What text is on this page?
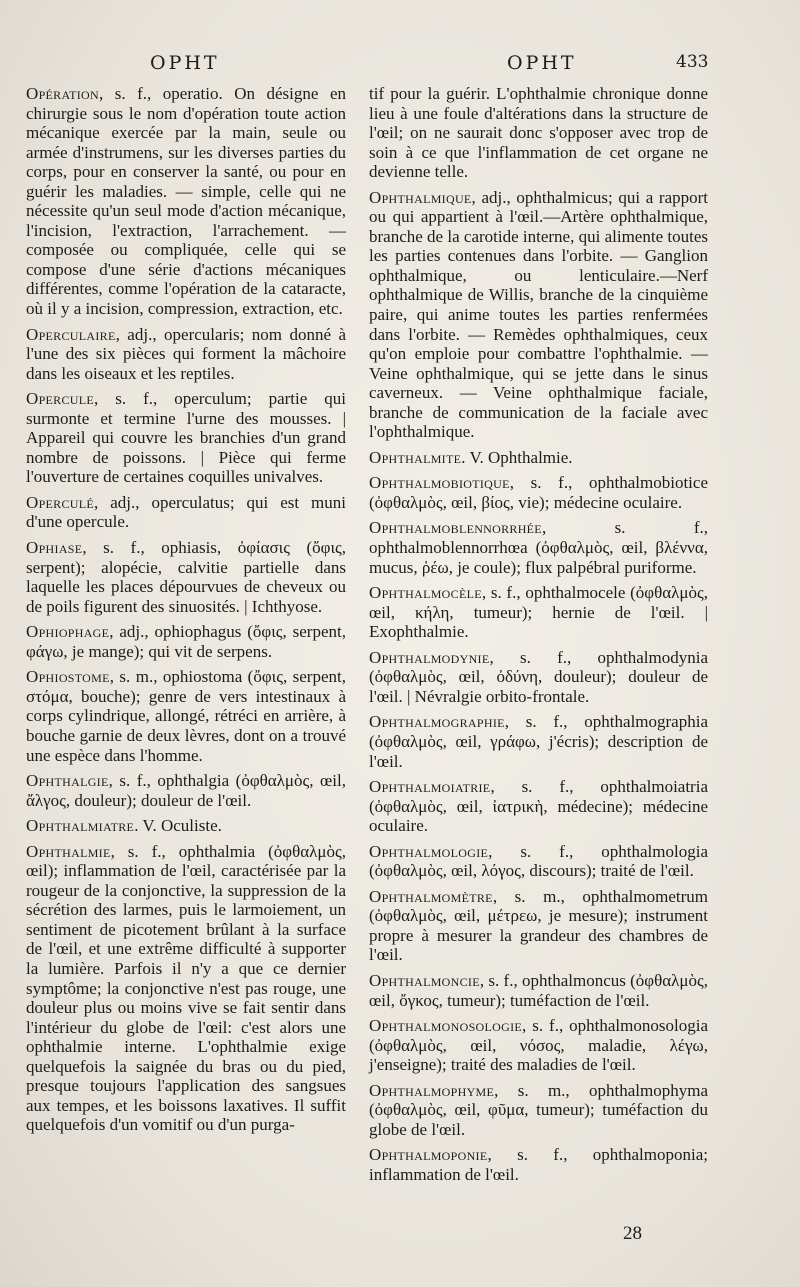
OPHT	OPHT	433

Opération, s. f., operatio. On désigne en chirurgie sous le nom d'opération toute action mécanique exercée par la main, seule ou armée d'instrumens, sur les diverses parties du corps, pour en conserver la santé, ou pour en guérir les maladies. — simple, celle qui ne nécessite qu'un seul mode d'action mécanique, l'incision, l'extraction, l'arrachement. —composée ou compliquée, celle qui se compose d'une série d'actions mécaniques différentes, comme l'opération de la cataracte, où il y a incision, compression, extraction, etc.

Operculaire, adj., opercularis; nom donné à l'une des six pièces qui forment la mâchoire dans les oiseaux et les reptiles.

Opercule, s. f., operculum; partie qui surmonte et termine l'urne des mousses. | Appareil qui couvre les branchies d'un grand nombre de poissons. | Pièce qui ferme l'ouverture de certaines coquilles univalves.

Operculé, adj., operculatus; qui est muni d'une opercule.

Ophiase, s. f., ophiasis, ὀφίασις (ὄφις, serpent); alopécie, calvitie partielle dans laquelle les places dépourvues de cheveux ou de poils figurent des sinuosités. | Ichthyose.

Ophiophage, adj., ophiophagus (ὄφις, serpent, φάγω, je mange); qui vit de serpens.

Ophiostome, s. m., ophiostoma (ὄφις, serpent, στόμα, bouche); genre de vers intestinaux à corps cylindrique, allongé, rétréci en arrière, à bouche garnie de deux lèvres, dont on a trouvé une espèce dans l'homme.

Ophthalgie, s. f., ophthalgia (ὀφθαλμὸς, œil, ἄλγος, douleur); douleur de l'œil.

Ophthalmiatre. V. Oculiste.

Ophthalmie, s. f., ophthalmia (ὀφθαλμὸς, œil); inflammation de l'œil, caractérisée par la rougeur de la conjonctive, la suppression de la sécrétion des larmes, puis le larmoiement, un sentiment de picotement brûlant à la surface de l'œil, et une extrême difficulté à supporter la lumière. Parfois il n'y a que ce dernier symptôme; la conjonctive n'est pas rouge, une douleur plus ou moins vive se fait sentir dans l'intérieur du globe de l'œil: c'est alors une ophthalmie interne. L'ophthalmie exige quelquefois la saignée du bras ou du pied, presque toujours l'application des sangsues aux tempes, et les boissons laxatives. Il suffit quelquefois d'un vomitif ou d'un purga-

tif pour la guérir. L'ophthalmie chronique donne lieu à une foule d'altérations dans la structure de l'œil; on ne saurait donc s'opposer avec trop de soin à ce que l'inflammation de cet organe ne devienne telle.

Ophthalmique, adj., ophthalmicus; qui a rapport ou qui appartient à l'œil.—Artère ophthalmique, branche de la carotide interne, qui alimente toutes les parties contenues dans l'orbite. — Ganglion ophthalmique, ou lenticulaire.—Nerf ophthalmique de Willis, branche de la cinquième paire, qui anime toutes les parties renfermées dans l'orbite. — Remèdes ophthalmiques, ceux qu'on emploie pour combattre l'ophthalmie. — Veine ophthalmique, qui se jette dans le sinus caverneux. — Veine ophthalmique faciale, branche de communication de la faciale avec l'ophthalmique.

Ophthalmite. V. Ophthalmie.

Ophthalmobiotique, s. f., ophthalmobiotice (ὀφθαλμὸς, œil, βίος, vie); médecine oculaire.

Ophthalmoblennorrhée, s. f., ophthalmoblennorrhœa (ὀφθαλμὸς, œil, βλέννα, mucus, ῥέω, je coule); flux palpébral puriforme.

Ophthalmocèle, s. f., ophthalmocele (ὀφθαλμὸς, œil, κήλη, tumeur); hernie de l'œil. | Exophthalmie.

Ophthalmodynie, s. f., ophthalmodynia (ὀφθαλμὸς, œil, ὀδύνη, douleur); douleur de l'œil. | Névralgie orbito-frontale.

Ophthalmographie, s. f., ophthalmographia (ὀφθαλμὸς, œil, γράφω, j'écris); description de l'œil.

Ophthalmoiatrie, s. f., ophthalmoiatria (ὀφθαλμὸς, œil, ἰατρικὴ, médecine); médecine oculaire.

Ophthalmologie, s. f., ophthalmologia (ὀφθαλμὸς, œil, λόγος, discours); traité de l'œil.

Ophthalmomètre, s. m., ophthalmometrum (ὀφθαλμὸς, œil, μέτρεω, je mesure); instrument propre à mesurer la grandeur des chambres de l'œil.

Ophthalmoncie, s. f., ophthalmoncus (ὀφθαλμὸς, œil, ὄγκος, tumeur); tuméfaction de l'œil.

Ophthalmonosologie, s. f., ophthalmonosologia (ὀφθαλμὸς, œil, νόσος, maladie, λέγω, j'enseigne); traité des maladies de l'œil.

Ophthalmophyme, s. m., ophthalmophyma (ὀφθαλμὸς, œil, φῦμα, tumeur); tuméfaction du globe de l'œil.

Ophthalmoponie, s. f., ophthalmoponia; inflammation de l'œil.

28
